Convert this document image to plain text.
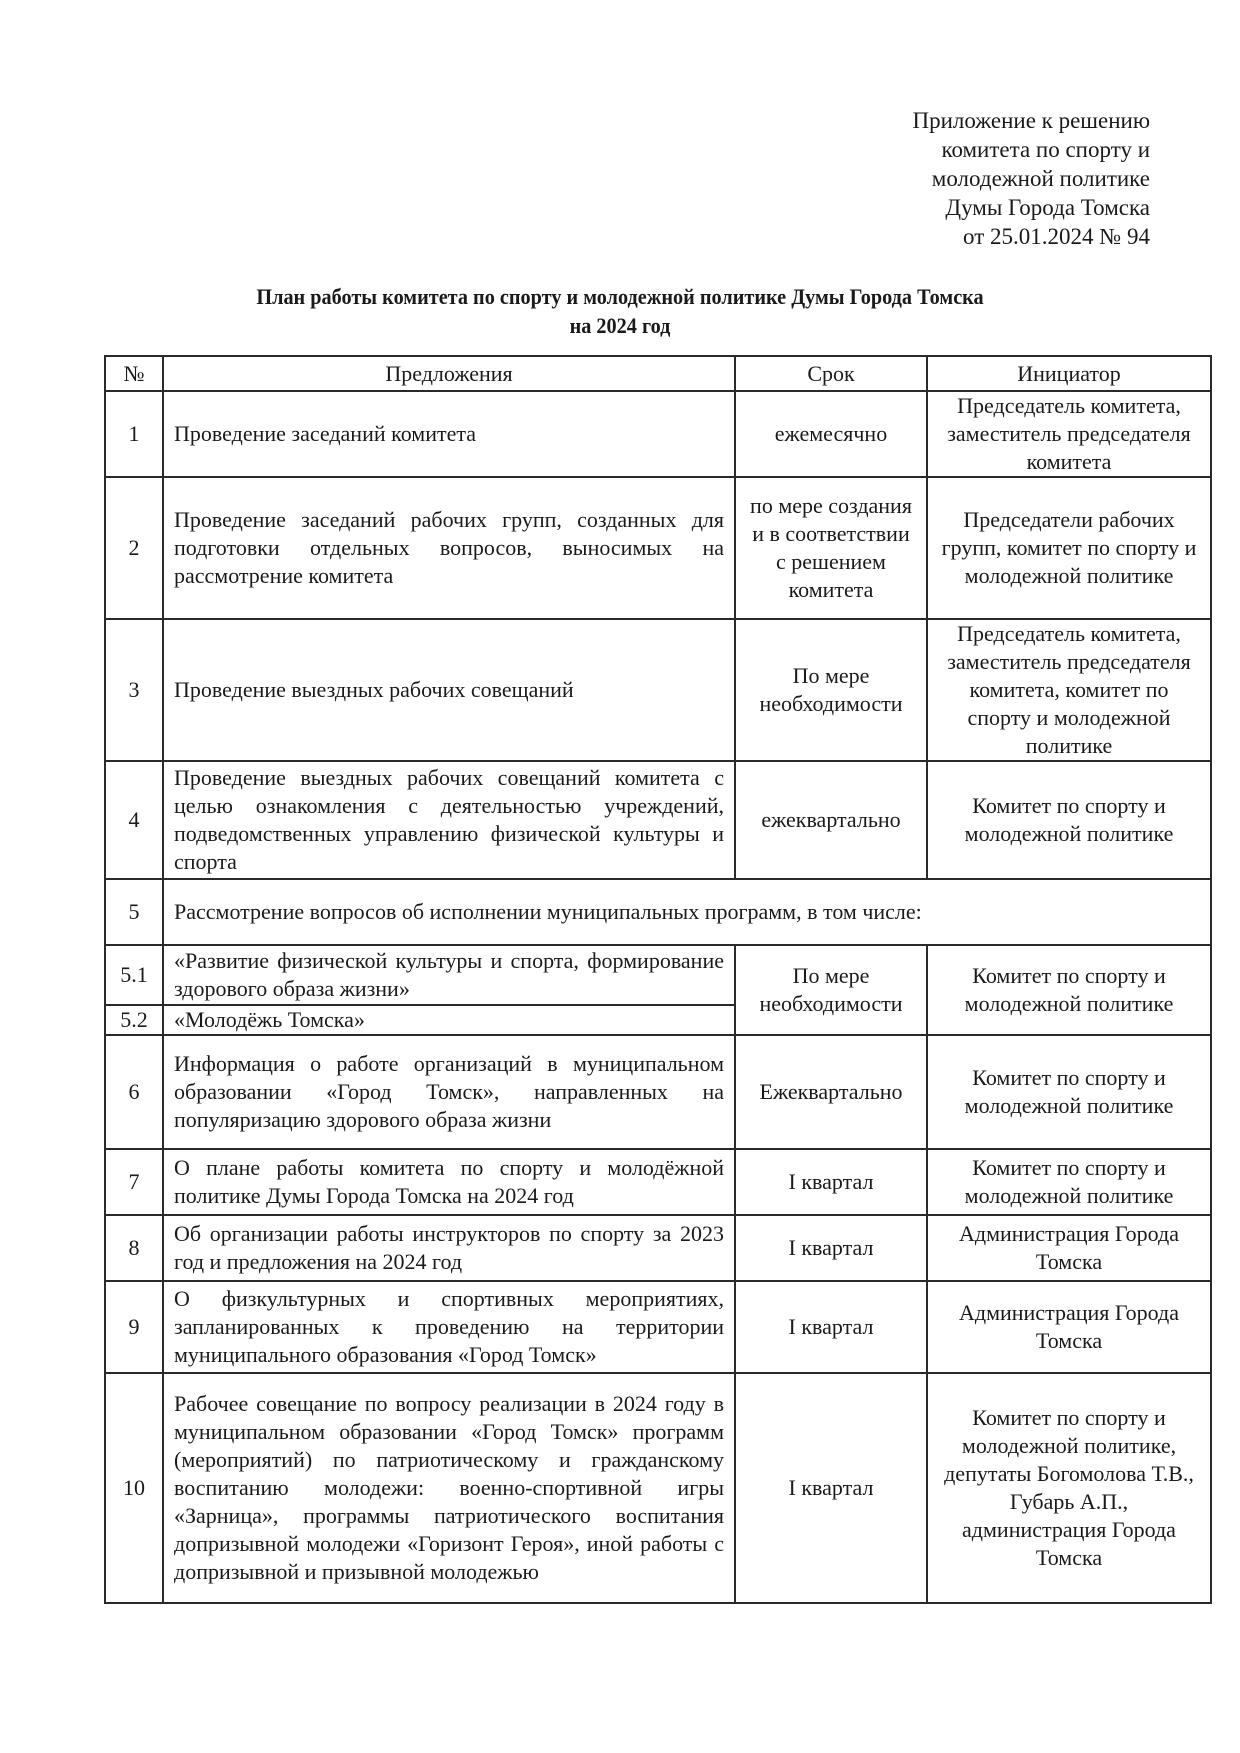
Приложение к решению
комитета по спорту и
молодежной политике
Думы Города Томска
от 25.01.2024 № 94
План работы комитета по спорту и молодежной политике Думы Города Томска
на 2024 год
№	Предложения	Срок	Инициатор
1	Проведение заседаний комитета	ежемесячно	Председатель комитета, заместитель председателя комитета
2	Проведение заседаний рабочих групп, созданных для подготовки отдельных вопросов, выносимых на рассмотрение комитета	по мере создания и в соответствии с решением комитета	Председатели рабочих групп, комитет по спорту и молодежной политике
3	Проведение выездных рабочих совещаний	По мере необходимости	Председатель комитета, заместитель председателя комитета, комитет по спорту и молодежной политике
4	Проведение выездных рабочих совещаний комитета с целью ознакомления с деятельностью учреждений, подведомственных управлению физической культуры и спорта	ежеквартально	Комитет по спорту и молодежной политике
5	Рассмотрение вопросов об исполнении муниципальных программ, в том числе:		
5.1	«Развитие физической культуры и спорта, формирование здорового образа жизни»	По мере необходимости	Комитет по спорту и молодежной политике
5.2	«Молодёжь Томска»		
6	Информация о работе организаций в муниципальном образовании «Город Томск», направленных на популяризацию здорового образа жизни	Ежеквартально	Комитет по спорту и молодежной политике
7	О плане работы комитета по спорту и молодёжной политике Думы Города Томска на 2024 год	I квартал	Комитет по спорту и молодежной политике
8	Об организации работы инструкторов по спорту за 2023 год и предложения на 2024 год	I квартал	Администрация Города Томска
9	О физкультурных и спортивных мероприятиях, запланированных к проведению на территории муниципального образования «Город Томск»	I квартал	Администрация Города Томска
10	Рабочее совещание по вопросу реализации в 2024 году в муниципальном образовании «Город Томск» программ (мероприятий) по патриотическому и гражданскому воспитанию молодежи: военно-спортивной игры «Зарница», программы патриотического воспитания допризывной молодежи «Горизонт Героя», иной работы с допризывной и призывной молодежью	I квартал	Комитет по спорту и молодежной политике, депутаты Богомолова Т.В., Губарь А.П., администрация Города Томска
